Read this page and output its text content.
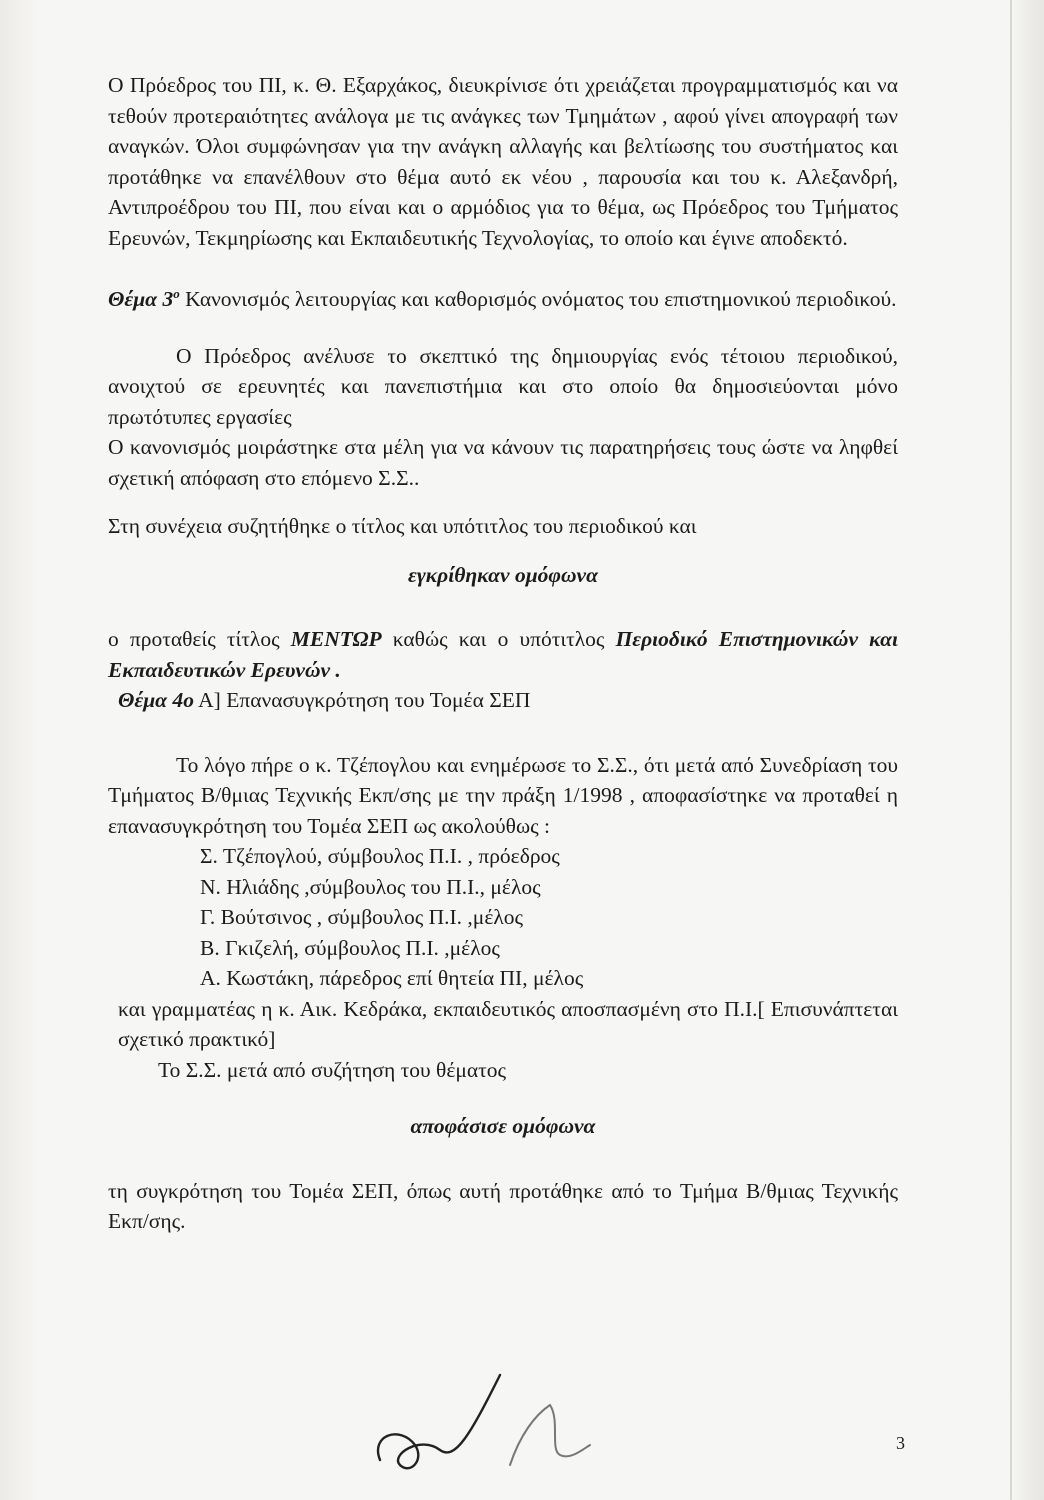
Ο Πρόεδρος του ΠΙ, κ. Θ. Εξαρχάκος, διευκρίνισε ότι χρειάζεται προγραμματισμός και να τεθούν προτεραιότητες ανάλογα με τις ανάγκες των Τμημάτων , αφού γίνει απογραφή των αναγκών. Όλοι συμφώνησαν για την ανάγκη αλλαγής και βελτίωσης του συστήματος και προτάθηκε να επανέλθουν στο θέμα αυτό εκ νέου , παρουσία και του κ. Αλεξανδρή, Αντιπροέδρου του ΠΙ, που είναι και ο αρμόδιος για το θέμα, ως Πρόεδρος του Τμήματος Ερευνών, Τεκμηρίωσης και Εκπαιδευτικής Τεχνολογίας, το οποίο και έγινε αποδεκτό.

Θέμα $3^o$ Κανονισμός λειτουργίας και καθορισμός ονόματος του επιστημονικού περιοδικού.

Ο Πρόεδρος ανέλυσε το σκεπτικό της δημιουργίας ενός τέτοιου περιοδικού, ανοιχτού σε ερευνητές και πανεπιστήμια και στο οποίο θα δημοσιεύονται μόνο πρωτότυπες εργασίες

Ο κανονισμός μοιράστηκε στα μέλη για να κάνουν τις παρατηρήσεις τους ώστε να ληφθεί σχετική απόφαση στο επόμενο Σ.Σ..

Στη συνέχεια συζητήθηκε ο τίτλος και υπότιτλος του περιοδικού και

εγκρίθηκαν ομόφωνα

ο προταθείς τίτλος ΜΕΝΤΩΡ καθώς και ο υπότιτλος Περιοδικό Επιστημονικών και Εκπαιδευτικών Ερευνών .

Θέμα 4ο Α] Επανασυγκρότηση του Τομέα ΣΕΠ

Το λόγο πήρε ο κ. Τζέπογλου και ενημέρωσε το Σ.Σ., ότι μετά από Συνεδρίαση του Τμήματος Β/θμιας Τεχνικής Εκπ/σης με την πράξη 1/1998 , αποφασίστηκε να προταθεί η επανασυγκρότηση του Τομέα ΣΕΠ ως ακολούθως :

Σ. Τζέπογλού, σύμβουλος Π.Ι. , πρόεδρος
Ν. Ηλιάδης ,σύμβουλος του Π.Ι., μέλος
Γ. Βούτσινος , σύμβουλος Π.Ι. ,μέλος
Β. Γκιζελή, σύμβουλος Π.Ι. ,μέλος
Α. Κωστάκη, πάρεδρος επί θητεία ΠΙ, μέλος

και γραμματέας η κ. Αικ. Κεδράκα, εκπαιδευτικός αποσπασμένη στο Π.Ι.[ Επισυνάπτεται σχετικό πρακτικό]

Το Σ.Σ. μετά από συζήτηση του θέματος

αποφάσισε ομόφωνα

τη συγκρότηση του Τομέα ΣΕΠ, όπως αυτή προτάθηκε από το Τμήμα Β/θμιας Τεχνικής Εκπ/σης.

3
